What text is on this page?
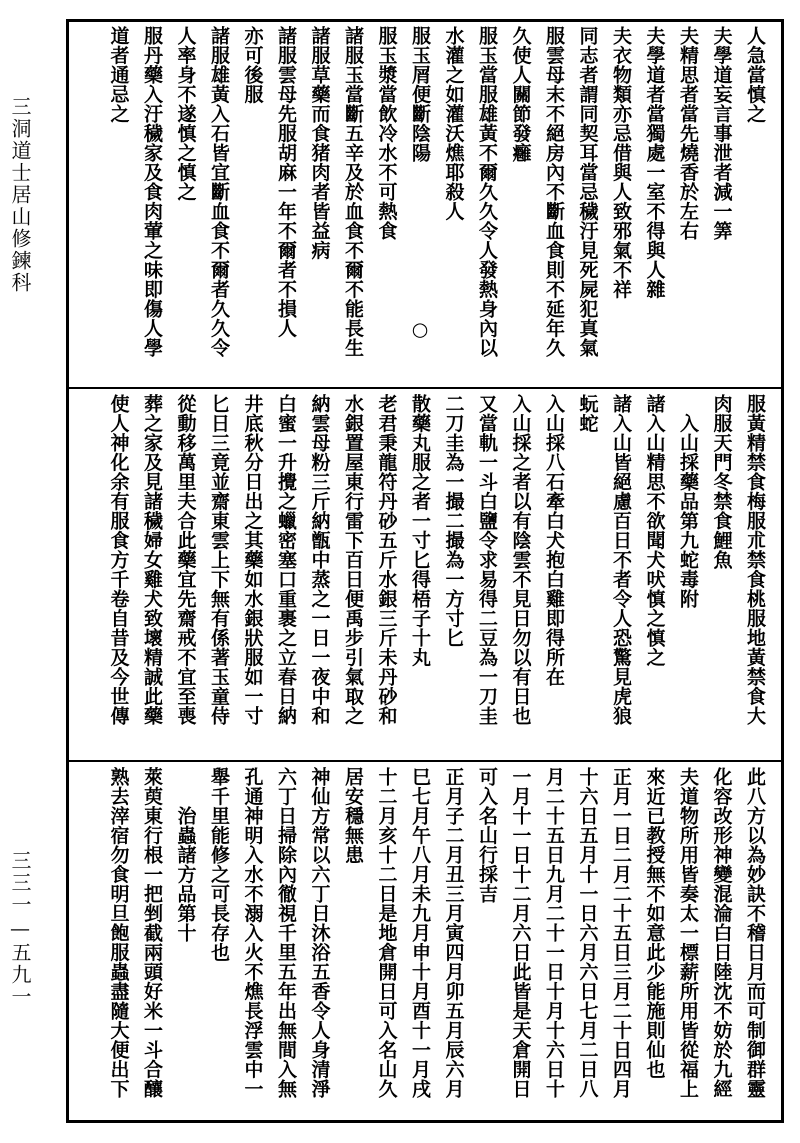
三洞道士居山修鍊科
三三一—五九一
人急當慎之
夫學道妄言事泄者減一筭
夫精思者當先燒香於左右
夫學道者當獨處一室不得與人雜
夫衣物類亦忌借與人致邪氣不祥
同志者謂同契耳當忌穢汙見死屍犯真氣
服雲母末不絕房內不斷血食則不延年久
久使人關節發癰
服玉當服雄黃不爾久久令人發熱身內以
水灌之如灌沃燋耶殺人
服玉屑便斷陰陽　　　　　　　　○
服玉漿當飲冷水不可熱食
諸服玉當斷五辛及於血食不爾不能長生
諸服草藥而食猪肉者皆益病
諸服雲母先服胡麻一年不爾者不損人
亦可後服
諸服雄黃入石皆宜斷血食不爾者久久令
人率身不遂慎之慎之
服丹藥入汙穢家及食肉葷之味即傷人學
道者通忌之
服黃精禁食梅服朮禁食桃服地黃禁食大
肉服天門冬禁食鯉魚
　入山採藥品第九蛇毒附
諸入山精思不欲聞犬吠慎之慎之
諸入山皆絕慮百日不者令人恐驚見虎狼
蚖蛇
入山採八石牽白犬抱白雞即得所在
入山採之者以有陰雲不見日勿以有日也
又當軌一斗白鹽令求易得二豆為一刀圭
二刀圭為一撮二撮為一方寸匕
散藥丸服之者一寸匕得梧子十丸
老君秉龍符丹砂五斤水銀三斤未丹砂和
水銀置屋東行雷下百日便禹步引氣取之
納雲母粉三斤納甑中蒸之一日一夜中和
白蜜一升攪之蠟密塞口重裹之立春日納
井底秋分日出之其藥如水銀狀服如一寸
匕日三竟並齋東雲上下無有係著玉童侍
從動移萬里夫合此藥宜先齋戒不宜至喪
葬之家及見諸穢婦女雞犬致壞精誠此藥
使人神化余有服食方千卷自昔及今世傳
此八方以為妙訣不稽日月而可制御群靈
化容改形神變混淪白日陸沈不妨於九經
夫道物所用皆奏太一標薪所用皆從福上
來近已教授無不如意此少能施則仙也
正月一日二月二十五日三月二十日四月
十六日五月十一日六月六日七月二日八
月二十五日九月二十一日十月十六日十
一月十一日十二月六日此皆是天倉開日
可入名山行採吉
正月子二月丑三月寅四月卯五月辰六月
巳七月午八月未九月申十月酉十一月戌
十二月亥十二日是地倉開日可入名山久
居安穩無患
神仙方常以六丁日沐浴五香令人身清淨
六丁日掃除內徹視千里五年出無間入無
孔通神明入水不溺入火不燋長浮雲中一
舉千里能修之可長存也
　　治蟲諸方品第十
萊萸東行根一把剉截兩頭好米一斗合釀
熟去滓宿勿食明旦飽服蟲盡隨大便出下
